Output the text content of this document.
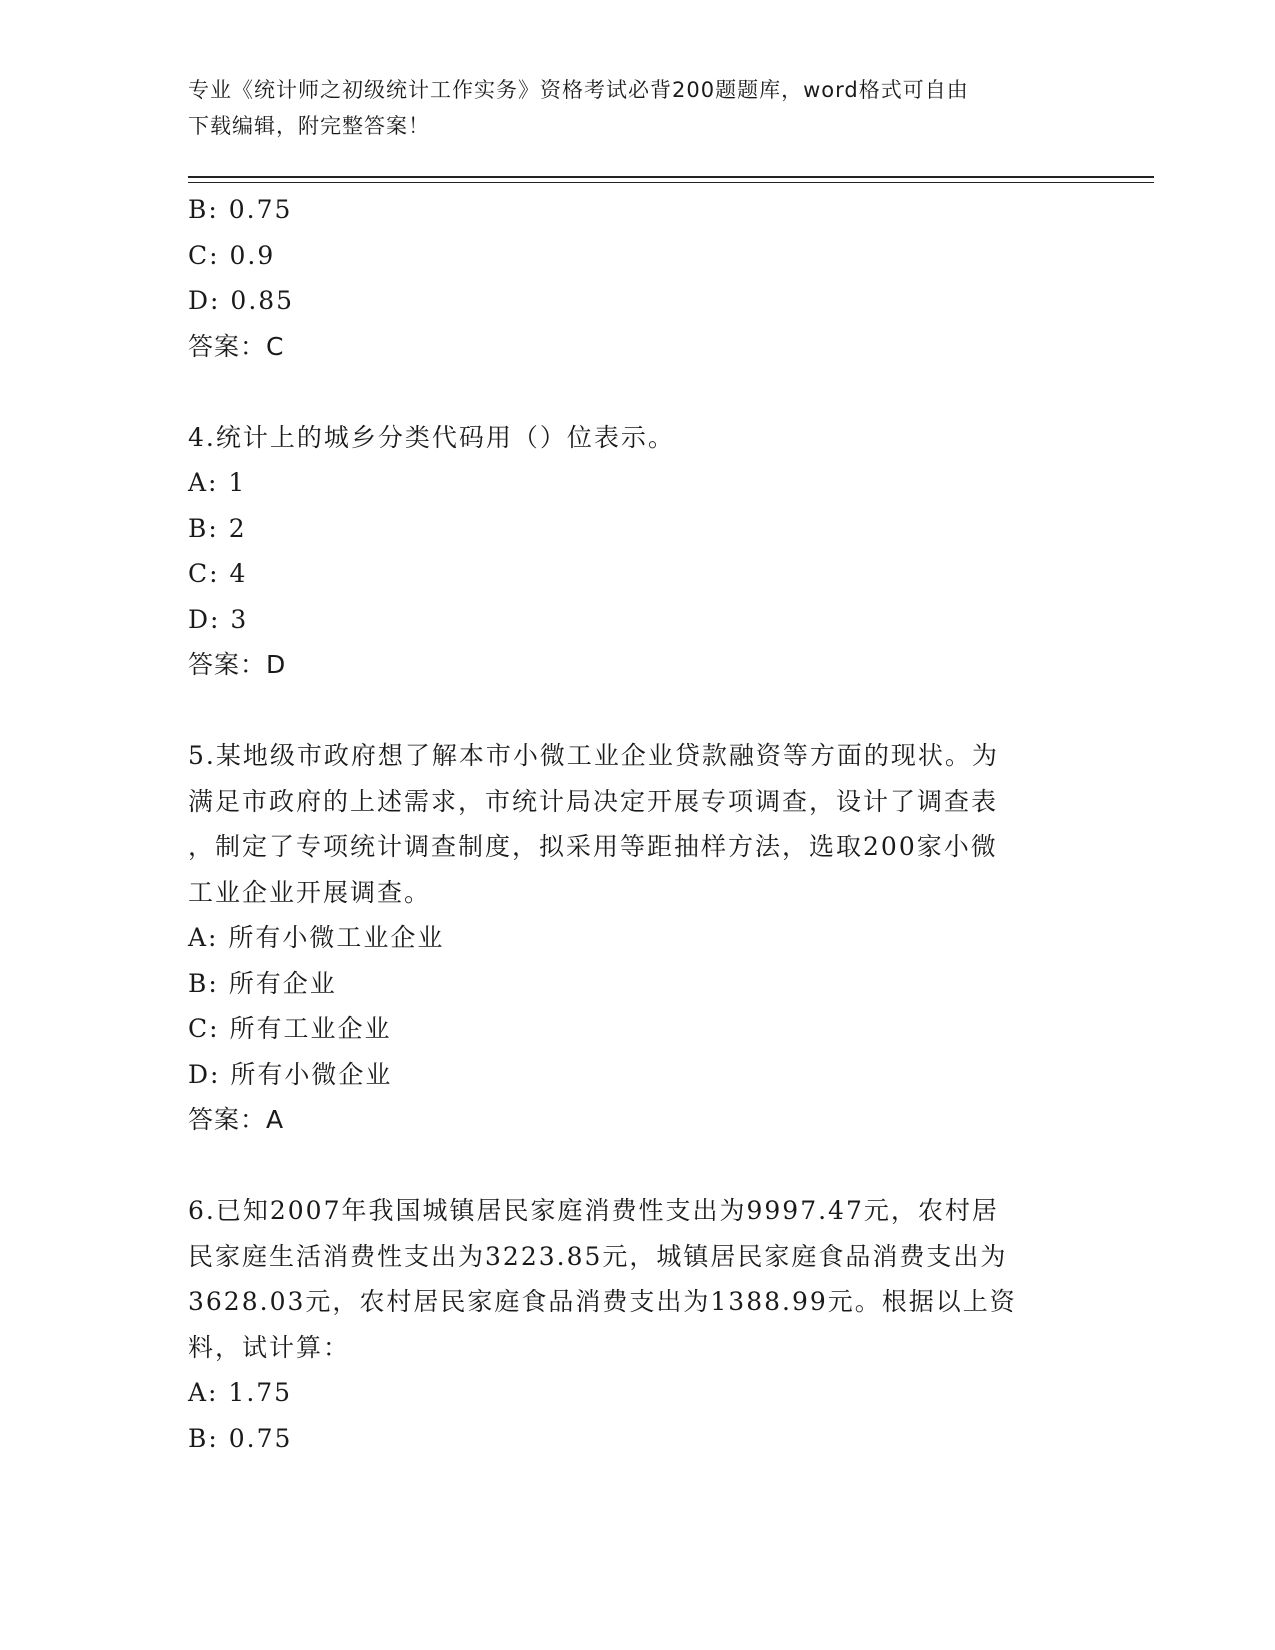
专业《统计师之初级统计工作实务》资格考试必背200题题库，word格式可自由
下载编辑，附完整答案！
B: 0.75
C: 0.9
D: 0.85
答案：C
4.统计上的城乡分类代码用（）位表示。
A: 1
B: 2
C: 4
D: 3
答案：D
5.某地级市政府想了解本市小微工业企业贷款融资等方面的现状。为
满足市政府的上述需求，市统计局决定开展专项调查，设计了调查表
，制定了专项统计调查制度，拟采用等距抽样方法，选取200家小微
工业企业开展调查。
A: 所有小微工业企业
B: 所有企业
C: 所有工业企业
D: 所有小微企业
答案：A
6.已知2007年我国城镇居民家庭消费性支出为9997.47元，农村居
民家庭生活消费性支出为3223.85元，城镇居民家庭食品消费支出为
3628.03元，农村居民家庭食品消费支出为1388.99元。根据以上资
料，试计算：
A: 1.75
B: 0.75
